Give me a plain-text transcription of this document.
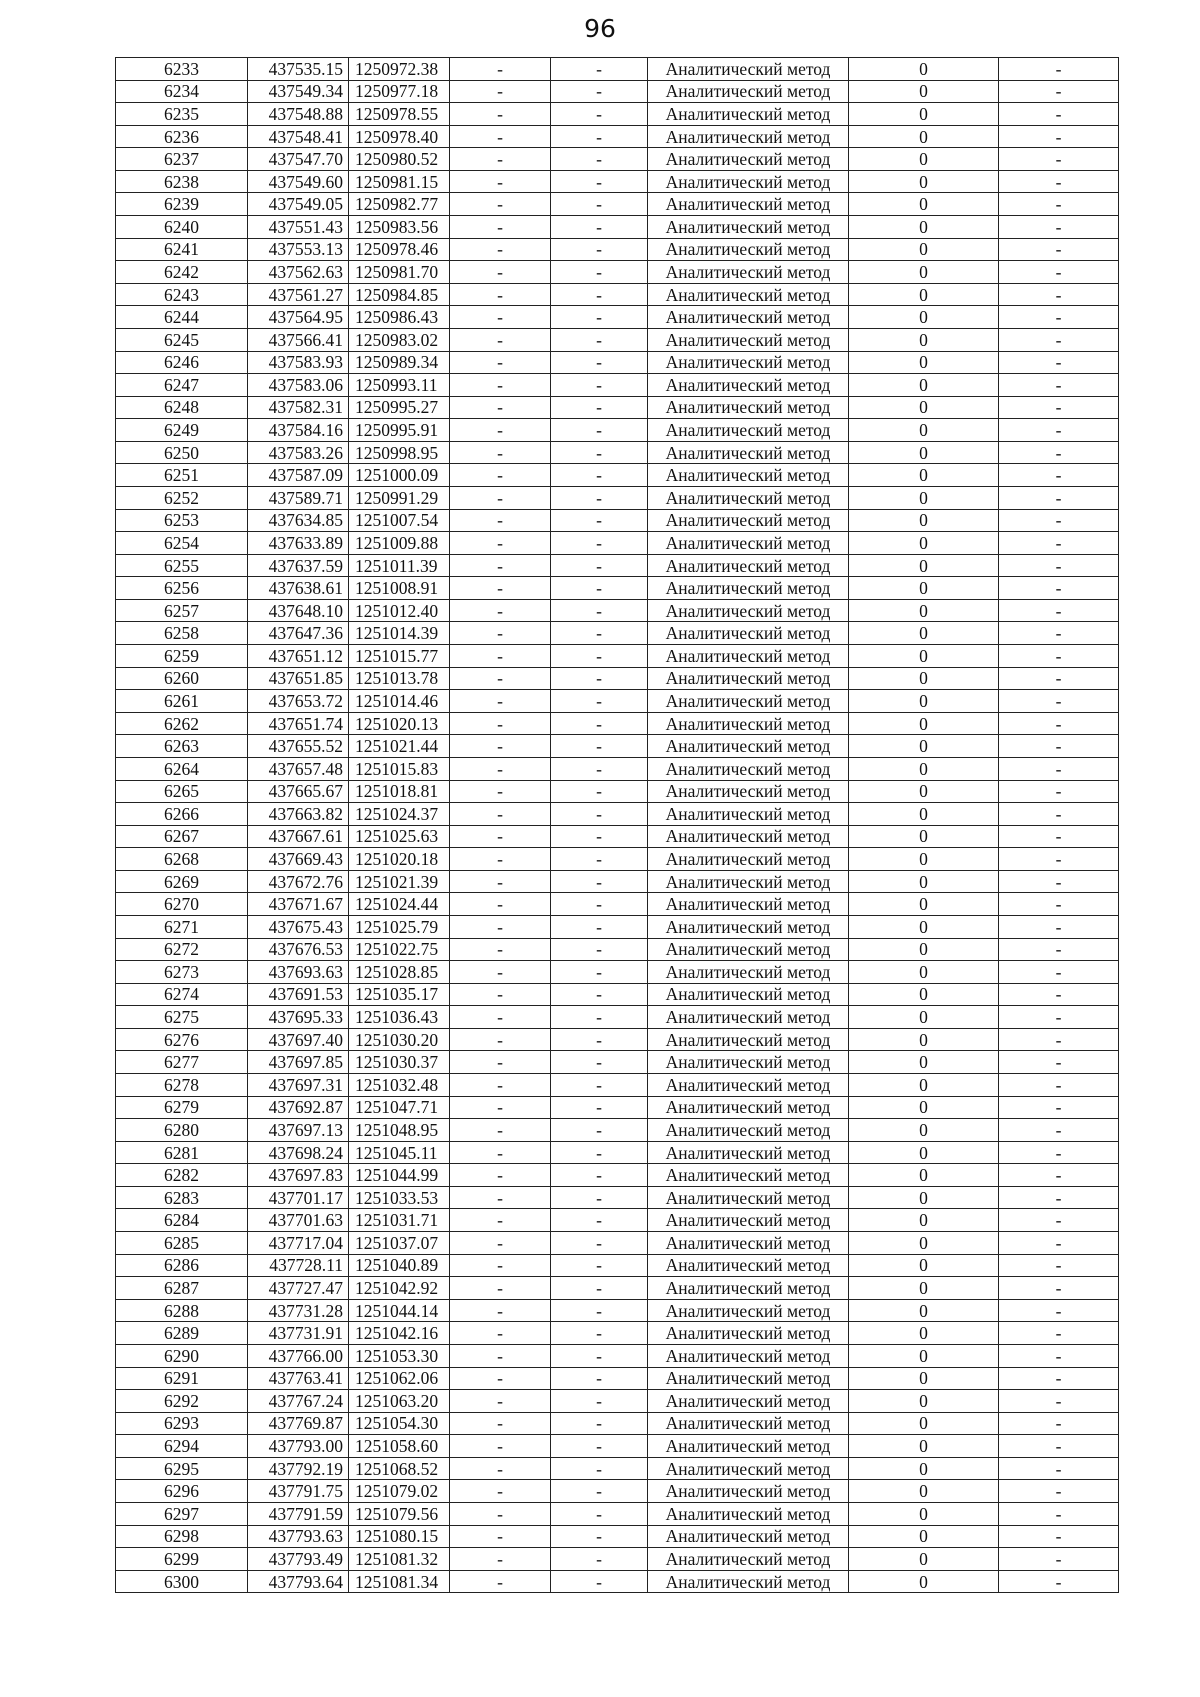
96
6233	437535.15	1250972.38	-	-	Аналитический метод	0	-
6234	437549.34	1250977.18	-	-	Аналитический метод	0	-
6235	437548.88	1250978.55	-	-	Аналитический метод	0	-
6236	437548.41	1250978.40	-	-	Аналитический метод	0	-
6237	437547.70	1250980.52	-	-	Аналитический метод	0	-
6238	437549.60	1250981.15	-	-	Аналитический метод	0	-
6239	437549.05	1250982.77	-	-	Аналитический метод	0	-
6240	437551.43	1250983.56	-	-	Аналитический метод	0	-
6241	437553.13	1250978.46	-	-	Аналитический метод	0	-
6242	437562.63	1250981.70	-	-	Аналитический метод	0	-
6243	437561.27	1250984.85	-	-	Аналитический метод	0	-
6244	437564.95	1250986.43	-	-	Аналитический метод	0	-
6245	437566.41	1250983.02	-	-	Аналитический метод	0	-
6246	437583.93	1250989.34	-	-	Аналитический метод	0	-
6247	437583.06	1250993.11	-	-	Аналитический метод	0	-
6248	437582.31	1250995.27	-	-	Аналитический метод	0	-
6249	437584.16	1250995.91	-	-	Аналитический метод	0	-
6250	437583.26	1250998.95	-	-	Аналитический метод	0	-
6251	437587.09	1251000.09	-	-	Аналитический метод	0	-
6252	437589.71	1250991.29	-	-	Аналитический метод	0	-
6253	437634.85	1251007.54	-	-	Аналитический метод	0	-
6254	437633.89	1251009.88	-	-	Аналитический метод	0	-
6255	437637.59	1251011.39	-	-	Аналитический метод	0	-
6256	437638.61	1251008.91	-	-	Аналитический метод	0	-
6257	437648.10	1251012.40	-	-	Аналитический метод	0	-
6258	437647.36	1251014.39	-	-	Аналитический метод	0	-
6259	437651.12	1251015.77	-	-	Аналитический метод	0	-
6260	437651.85	1251013.78	-	-	Аналитический метод	0	-
6261	437653.72	1251014.46	-	-	Аналитический метод	0	-
6262	437651.74	1251020.13	-	-	Аналитический метод	0	-
6263	437655.52	1251021.44	-	-	Аналитический метод	0	-
6264	437657.48	1251015.83	-	-	Аналитический метод	0	-
6265	437665.67	1251018.81	-	-	Аналитический метод	0	-
6266	437663.82	1251024.37	-	-	Аналитический метод	0	-
6267	437667.61	1251025.63	-	-	Аналитический метод	0	-
6268	437669.43	1251020.18	-	-	Аналитический метод	0	-
6269	437672.76	1251021.39	-	-	Аналитический метод	0	-
6270	437671.67	1251024.44	-	-	Аналитический метод	0	-
6271	437675.43	1251025.79	-	-	Аналитический метод	0	-
6272	437676.53	1251022.75	-	-	Аналитический метод	0	-
6273	437693.63	1251028.85	-	-	Аналитический метод	0	-
6274	437691.53	1251035.17	-	-	Аналитический метод	0	-
6275	437695.33	1251036.43	-	-	Аналитический метод	0	-
6276	437697.40	1251030.20	-	-	Аналитический метод	0	-
6277	437697.85	1251030.37	-	-	Аналитический метод	0	-
6278	437697.31	1251032.48	-	-	Аналитический метод	0	-
6279	437692.87	1251047.71	-	-	Аналитический метод	0	-
6280	437697.13	1251048.95	-	-	Аналитический метод	0	-
6281	437698.24	1251045.11	-	-	Аналитический метод	0	-
6282	437697.83	1251044.99	-	-	Аналитический метод	0	-
6283	437701.17	1251033.53	-	-	Аналитический метод	0	-
6284	437701.63	1251031.71	-	-	Аналитический метод	0	-
6285	437717.04	1251037.07	-	-	Аналитический метод	0	-
6286	437728.11	1251040.89	-	-	Аналитический метод	0	-
6287	437727.47	1251042.92	-	-	Аналитический метод	0	-
6288	437731.28	1251044.14	-	-	Аналитический метод	0	-
6289	437731.91	1251042.16	-	-	Аналитический метод	0	-
6290	437766.00	1251053.30	-	-	Аналитический метод	0	-
6291	437763.41	1251062.06	-	-	Аналитический метод	0	-
6292	437767.24	1251063.20	-	-	Аналитический метод	0	-
6293	437769.87	1251054.30	-	-	Аналитический метод	0	-
6294	437793.00	1251058.60	-	-	Аналитический метод	0	-
6295	437792.19	1251068.52	-	-	Аналитический метод	0	-
6296	437791.75	1251079.02	-	-	Аналитический метод	0	-
6297	437791.59	1251079.56	-	-	Аналитический метод	0	-
6298	437793.63	1251080.15	-	-	Аналитический метод	0	-
6299	437793.49	1251081.32	-	-	Аналитический метод	0	-
6300	437793.64	1251081.34	-	-	Аналитический метод	0	-
